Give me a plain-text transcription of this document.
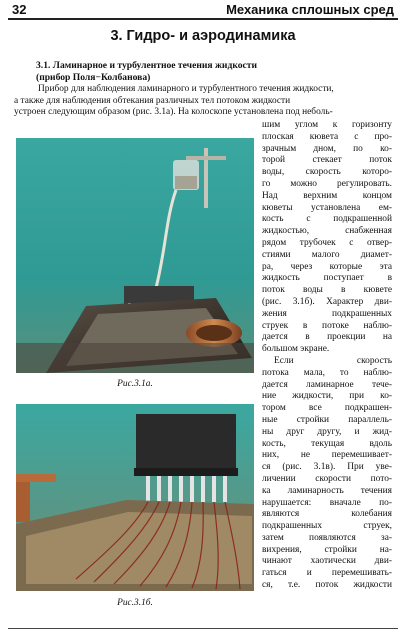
32	Механика сплошных сред
3. Гидро- и аэродинамика
3.1. Ламинарное и турбулентное течения жидкости
(прибор Поля−Колбанова)
Прибор для наблюдения ламинарного и турбулентного течения жидкости,
а также для наблюдения обтекания различных тел потоком жидкости
устроен следующим образом (рис. 3.1а). На колоскопе установлена под неболь-
Рис.3.1а.
Рис.3.1б.
шим углом к горизонту
плоская кювета с про-
зрачным дном, по ко-
торой стекает поток
воды, скорость которо-
го можно регулировать.
Над верхним концом
кюветы установлена ем-
кость с подкрашенной
жидкостью, снабженная
рядом трубочек с отвер-
стиями малого диамет-
ра, через которые эта
жидкость поступает в
поток воды в кювете
(рис. 3.1б). Характер дви-
жения подкрашенных
струек в потоке наблю-
дается в проекции на
большом экране.
Если скорость
потока мала, то наблю-
дается ламинарное тече-
ние жидкости, при ко-
тором все подкрашен-
ные стройки параллель-
ны друг другу, и жид-
кость, текущая вдоль
них, не перемешивает-
ся (рис. 3.1в). При уве-
личении скорости пото-
ка ламинарность течения
нарушается: вначале по-
являются колебания
подкрашенных струек,
затем появляются за-
вихрения, стройки на-
чинают хаотически дви-
гаться и перемешивать-
ся, т.е. поток жидкости
